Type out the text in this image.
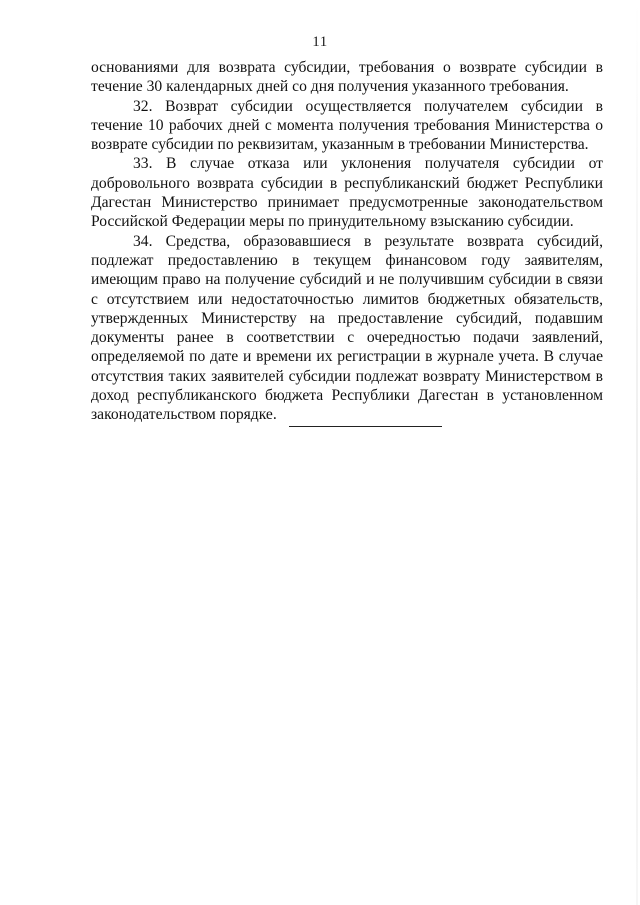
11

основаниями для возврата субсидии, требования о возврате субсидии в течение 30 календарных дней со дня получения указанного требования.

32. Возврат субсидии осуществляется получателем субсидии в течение 10 рабочих дней с момента получения требования Министерства о возврате субсидии по реквизитам, указанным в требовании Министерства.

33. В случае отказа или уклонения получателя субсидии от добровольного возврата субсидии в республиканский бюджет Республики Дагестан Министерство принимает предусмотренные законодательством Российской Федерации меры по принудительному взысканию субсидии.

34. Средства, образовавшиеся в результате возврата субсидий, подлежат предоставлению в текущем финансовом году заявителям, имеющим право на получение субсидий и не получившим субсидии в связи с отсутствием или недостаточностью лимитов бюджетных обязательств, утвержденных Министерству на предоставление субсидий, подавшим документы ранее в соответствии с очередностью подачи заявлений, определяемой по дате и времени их регистрации в журнале учета. В случае отсутствия таких заявителей субсидии подлежат возврату Министерством в доход республиканского бюджета Республики Дагестан в установленном законодательством порядке.
